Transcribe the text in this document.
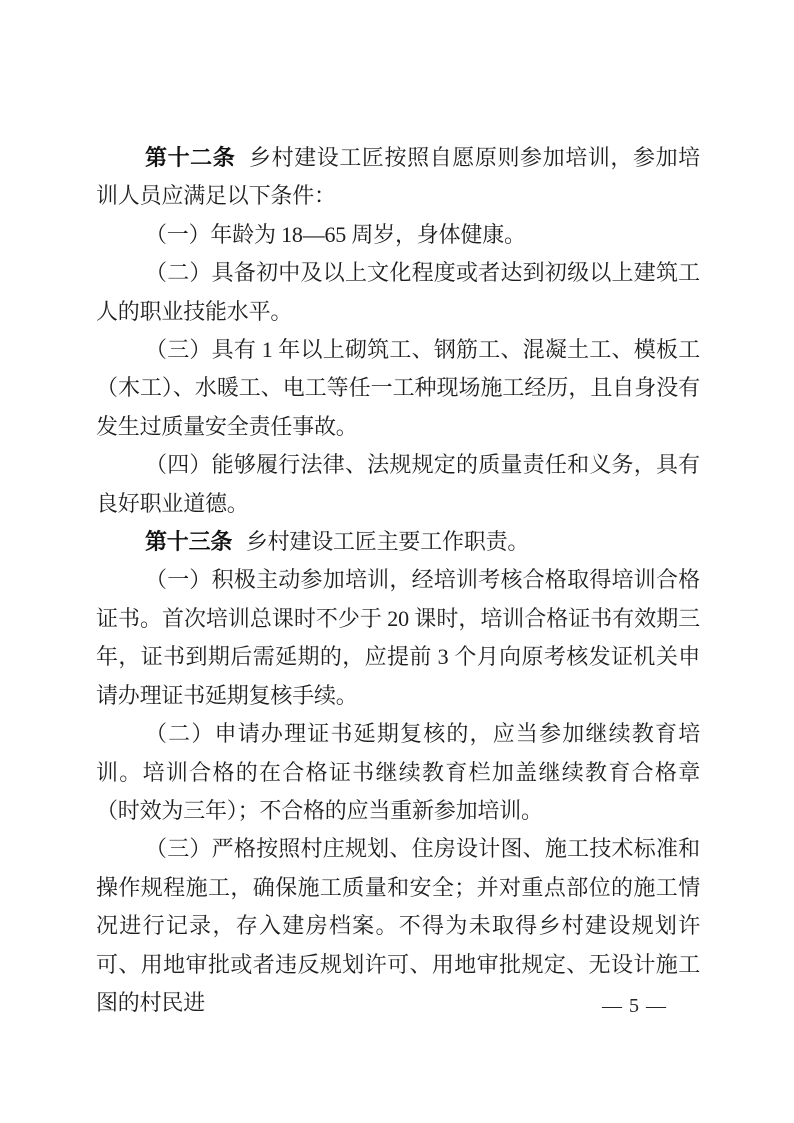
第十二条 乡村建设工匠按照自愿原则参加培训，参加培训人员应满足以下条件：

（一）年龄为 18—65 周岁，身体健康。

（二）具备初中及以上文化程度或者达到初级以上建筑工人的职业技能水平。

（三）具有 1 年以上砌筑工、钢筋工、混凝土工、模板工（木工）、水暖工、电工等任一工种现场施工经历，且自身没有发生过质量安全责任事故。

（四）能够履行法律、法规规定的质量责任和义务，具有良好职业道德。

第十三条 乡村建设工匠主要工作职责。

（一）积极主动参加培训，经培训考核合格取得培训合格证书。首次培训总课时不少于 20 课时，培训合格证书有效期三年，证书到期后需延期的，应提前 3 个月向原考核发证机关申请办理证书延期复核手续。

（二）申请办理证书延期复核的，应当参加继续教育培训。培训合格的在合格证书继续教育栏加盖继续教育合格章（时效为三年）；不合格的应当重新参加培训。

（三）严格按照村庄规划、住房设计图、施工技术标准和操作规程施工，确保施工质量和安全；并对重点部位的施工情况进行记录，存入建房档案。不得为未取得乡村建设规划许可、用地审批或者违反规划许可、用地审批规定、无设计施工图的村民进	— 5 —
